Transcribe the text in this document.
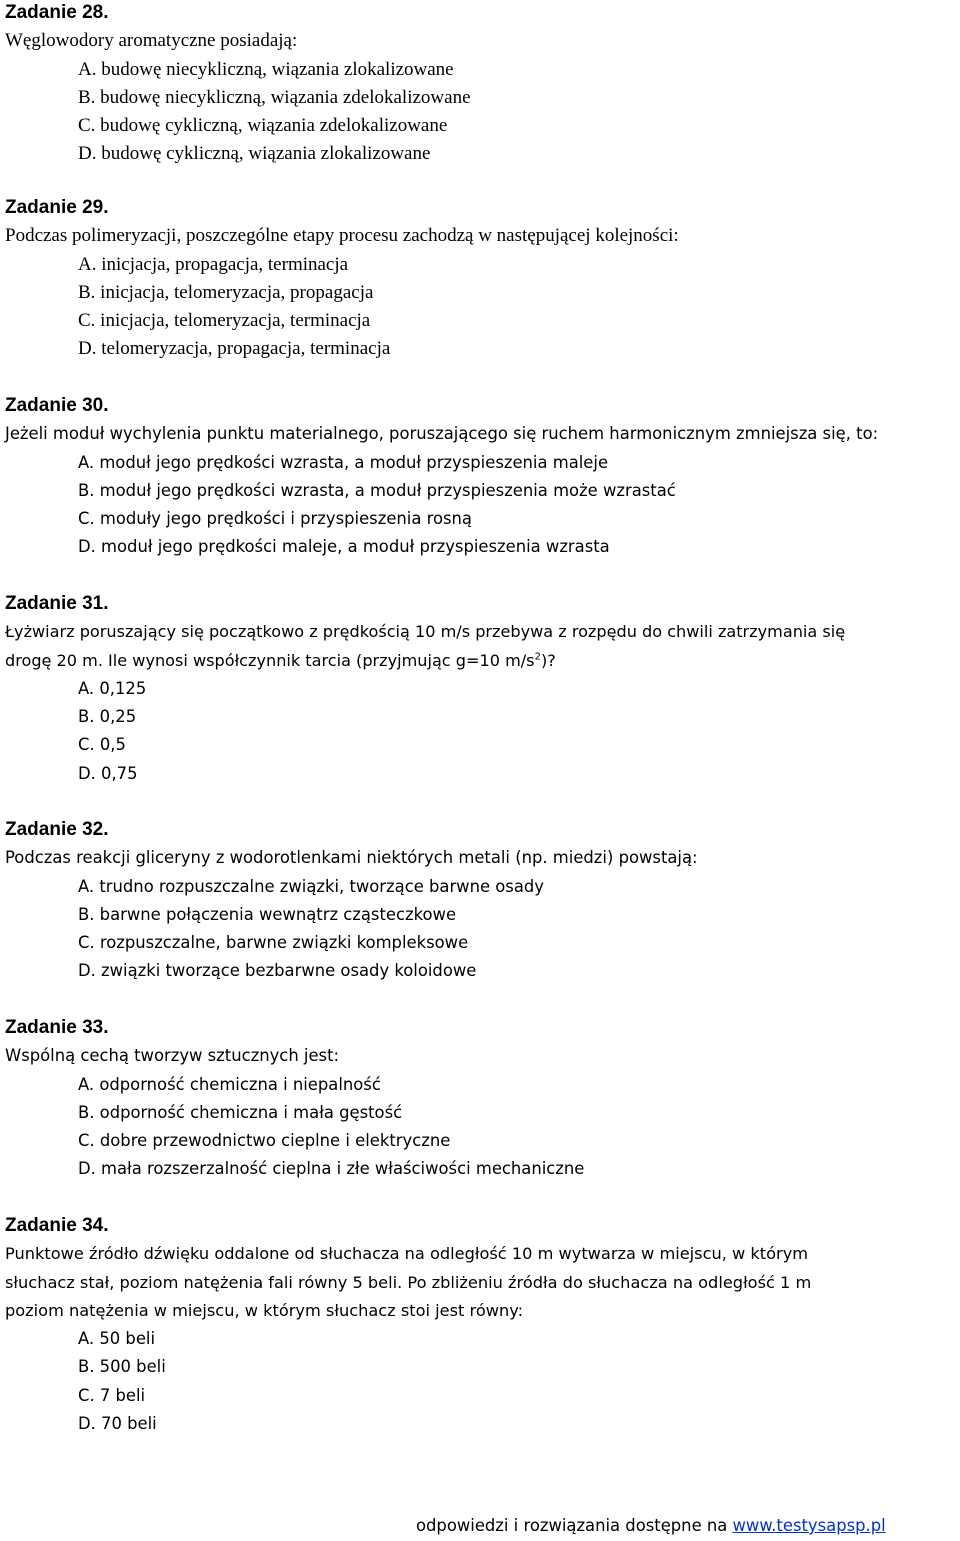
Zadanie 28.

Węglowodory aromatyczne posiadają:

A. budowę niecykliczną, wiązania zlokalizowane
B. budowę niecykliczną, wiązania zdelokalizowane
C. budowę cykliczną, wiązania zdelokalizowane
D. budowę cykliczną, wiązania zlokalizowane

Zadanie 29.

Podczas polimeryzacji, poszczególne etapy procesu zachodzą w następującej kolejności:

A. inicjacja, propagacja, terminacja
B. inicjacja, telomeryzacja, propagacja
C. inicjacja, telomeryzacja, terminacja
D. telomeryzacja, propagacja, terminacja

Zadanie 30.

Jeżeli moduł wychylenia punktu materialnego, poruszającego się ruchem harmonicznym zmniejsza się, to:

A. moduł jego prędkości wzrasta, a moduł przyspieszenia maleje
B. moduł jego prędkości wzrasta, a moduł przyspieszenia może wzrastać
C. moduły jego prędkości i przyspieszenia rosną
D. moduł jego prędkości maleje, a moduł przyspieszenia wzrasta

Zadanie 31.

Łyżwiarz poruszający się początkowo z prędkością 10 m/s przebywa z rozpędu do chwili zatrzymania się

drogę 20 m. Ile wynosi współczynnik tarcia (przyjmując g=10 $m/s^2$)?

A. 0,125
B. 0,25
C. 0,5
D. 0,75

Zadanie 32.

Podczas reakcji gliceryny z wodorotlenkami niektórych metali (np. miedzi) powstają:

A. trudno rozpuszczalne związki, tworzące barwne osady
B. barwne połączenia wewnątrz cząsteczkowe
C. rozpuszczalne, barwne związki kompleksowe
D. związki tworzące bezbarwne osady koloidowe

Zadanie 33.

Wspólną cechą tworzyw sztucznych jest:

A. odporność chemiczna i niepalność
B. odporność chemiczna i mała gęstość
C. dobre przewodnictwo cieplne i elektryczne
D. mała rozszerzalność cieplna i złe właściwości mechaniczne

Zadanie 34.

Punktowe źródło dźwięku oddalone od słuchacza na odległość 10 m wytwarza w miejscu, w którym

słuchacz stał, poziom natężenia fali równy 5 beli. Po zbliżeniu źródła do słuchacza na odległość 1 m

poziom natężenia w miejscu, w którym słuchacz stoi jest równy:

A. 50 beli
B. 500 beli
C. 7 beli
D. 70 beli
odpowiedzi i rozwiązania dostępne na www.testysapsp.pl
